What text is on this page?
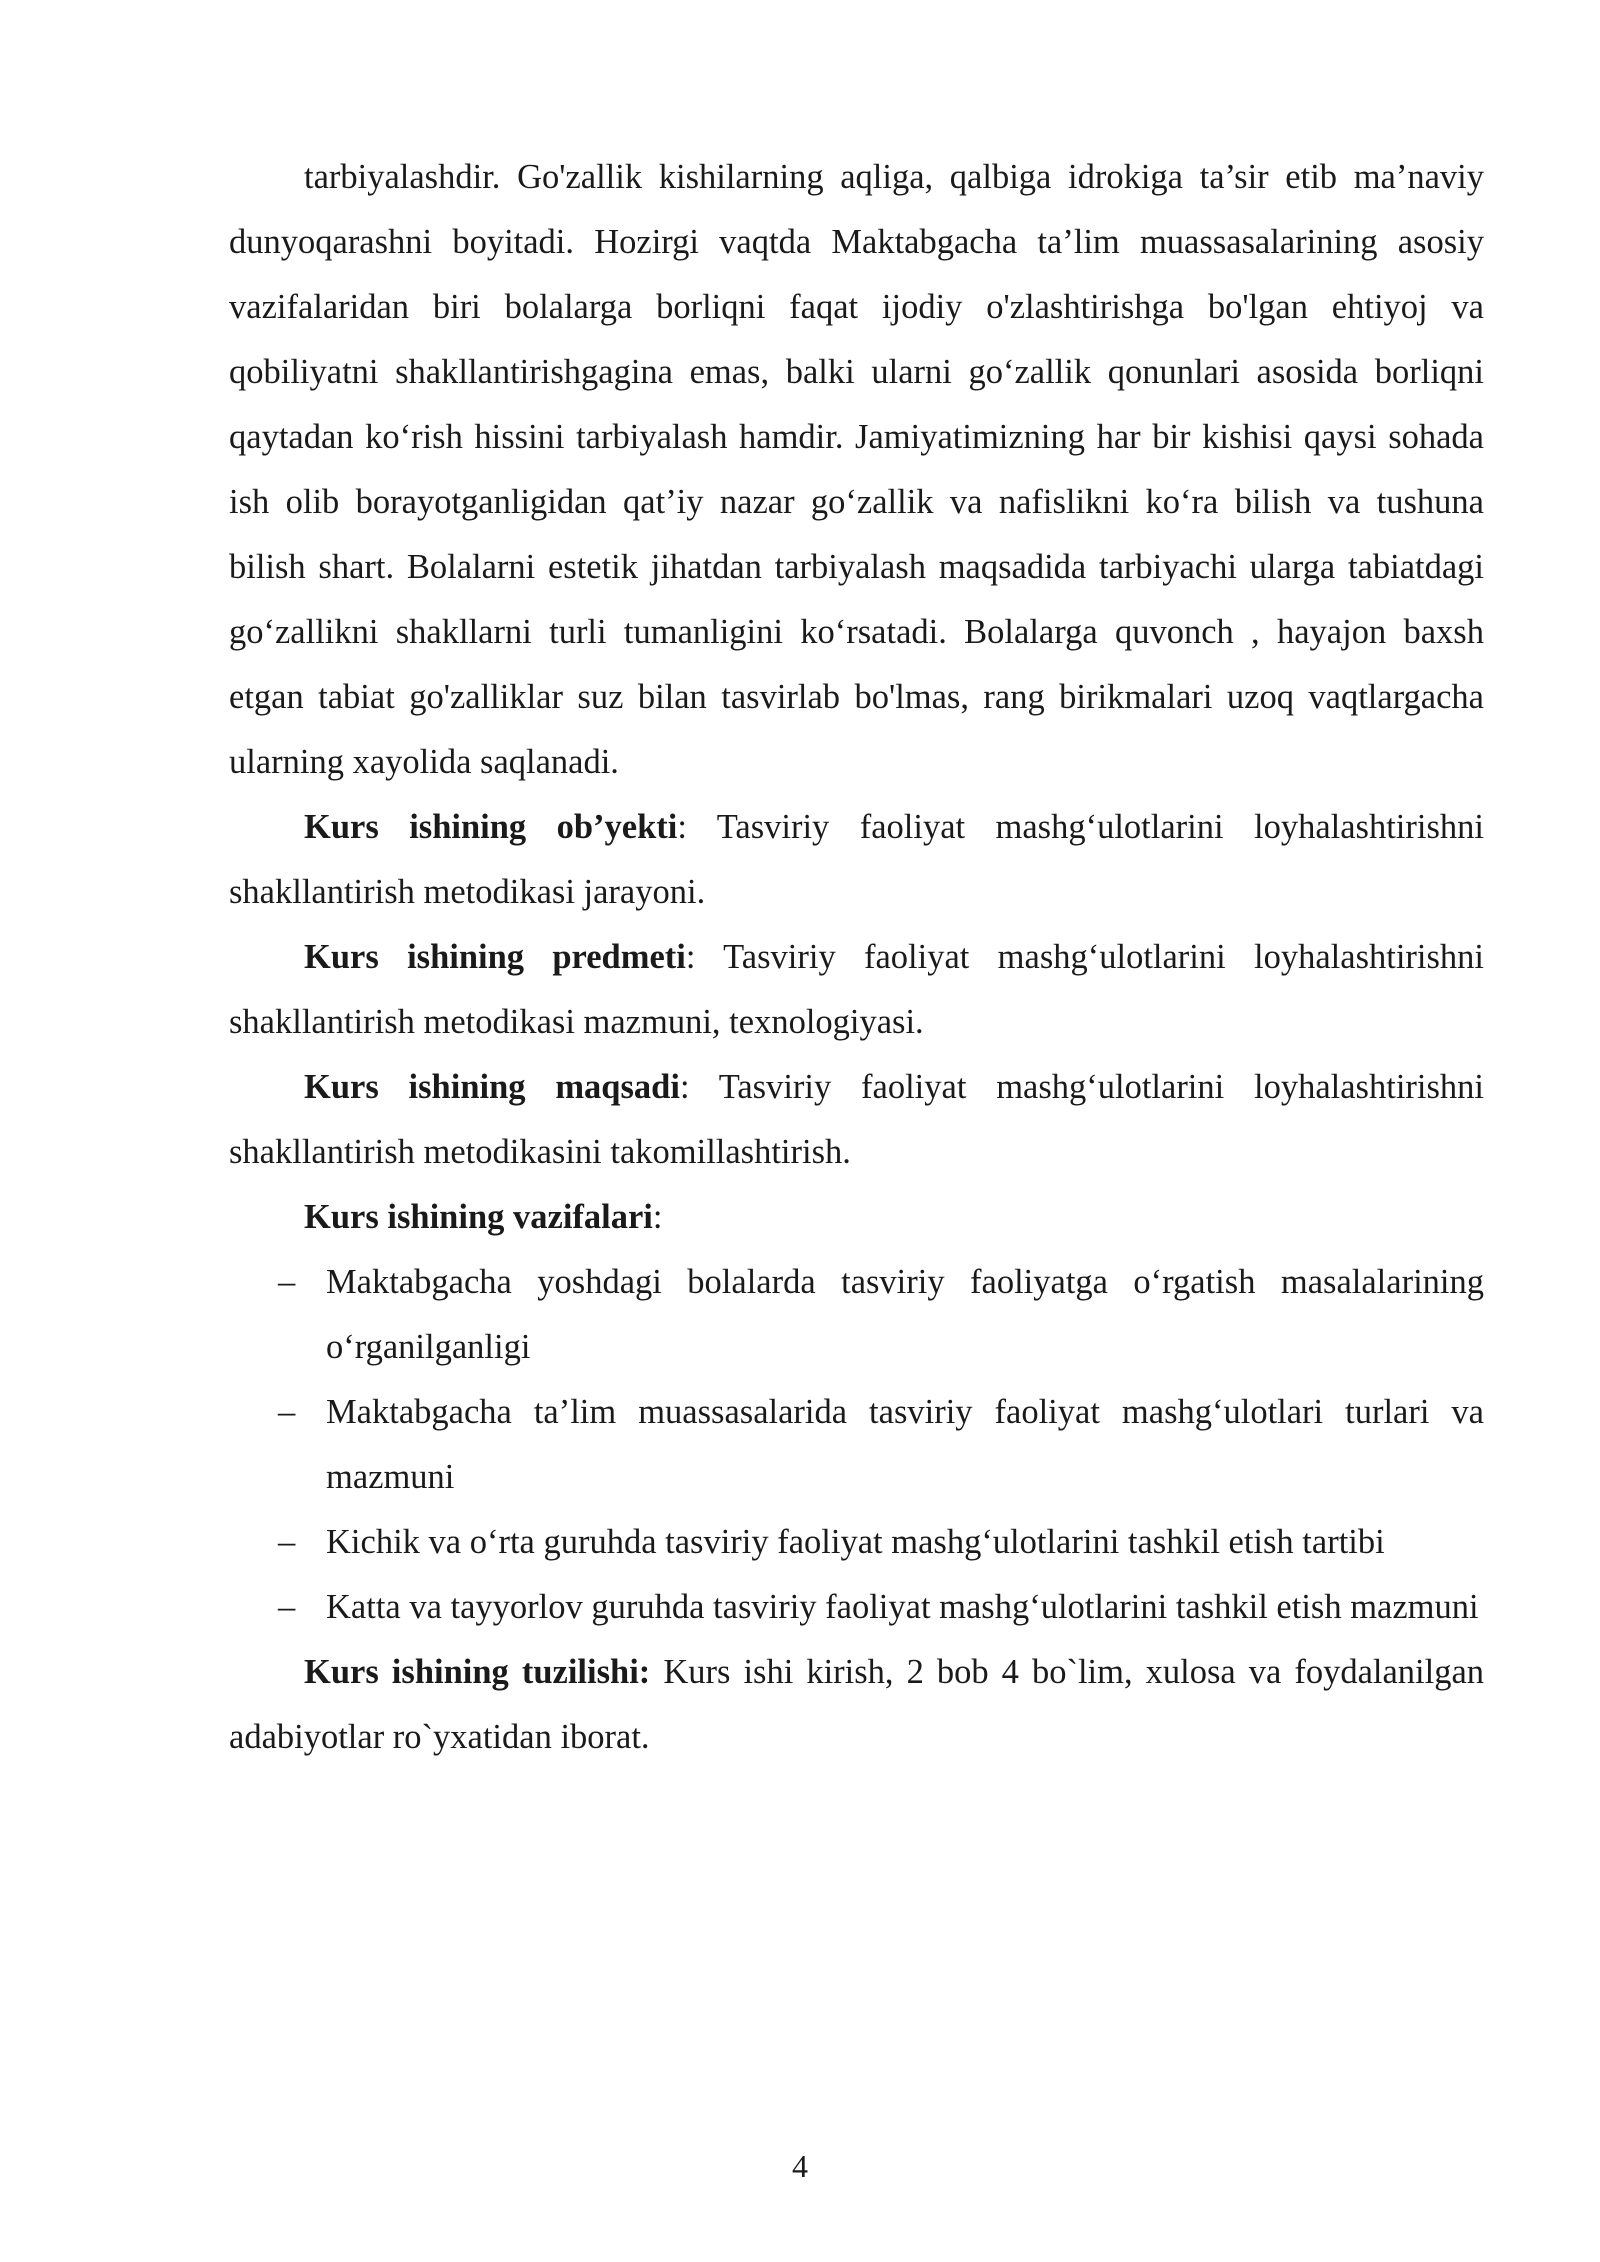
tarbiyalashdir. Go'zallik kishilarning aqliga, qalbiga idrokiga ta’sir etib ma’naviy dunyoqarashni boyitadi. Hozirgi vaqtda Maktabgacha ta’lim muassasalarining asosiy vazifalaridan biri bolalarga borliqni faqat ijodiy o'zlashtirishga bo'lgan ehtiyoj va qobiliyatni shakllantirishgagina emas, balki ularni go‘zallik qonunlari asosida borliqni qaytadan ko‘rish hissini tarbiyalash hamdir. Jamiyatimizning har bir kishisi qaysi sohada ish olib borayotganligidan qat’iy nazar go‘zallik va nafislikni ko‘ra bilish va tushuna bilish shart. Bolalarni estetik jihatdan tarbiyalash maqsadida tarbiyachi ularga tabiatdagi go‘zallikni shakllarni turli tumanligini ko‘rsatadi. Bolalarga quvonch , hayajon baxsh etgan tabiat go'zalliklar suz bilan tasvirlab bo'lmas, rang birikmalari uzoq vaqtlargacha ularning xayolida saqlanadi.

Kurs ishining ob’yekti: Tasviriy faoliyat mashg‘ulotlarini loyhalashtirishni shakllantirish metodikasi jarayoni.

Kurs ishining predmeti: Tasviriy faoliyat mashg‘ulotlarini loyhalashtirishni shakllantirish metodikasi mazmuni, texnologiyasi.

Kurs ishining maqsadi: Tasviriy faoliyat mashg‘ulotlarini loyhalashtirishni shakllantirish metodikasini takomillashtirish.

Kurs ishining vazifalari:

– Maktabgacha yoshdagi bolalarda tasviriy faoliyatga o‘rgatish masalalarining o‘rganilganligi
– Maktabgacha ta’lim muassasalarida tasviriy faoliyat mashg‘ulotlari turlari va mazmuni
– Kichik va o‘rta guruhda tasviriy faoliyat mashg‘ulotlarini tashkil etish tartibi
– Katta va tayyorlov guruhda tasviriy faoliyat mashg‘ulotlarini tashkil etish mazmuni

Kurs ishining tuzilishi: Kurs ishi kirish, 2 bob 4 bo`lim, xulosa va foydalanilgan adabiyotlar ro`yxatidan iborat.

4
